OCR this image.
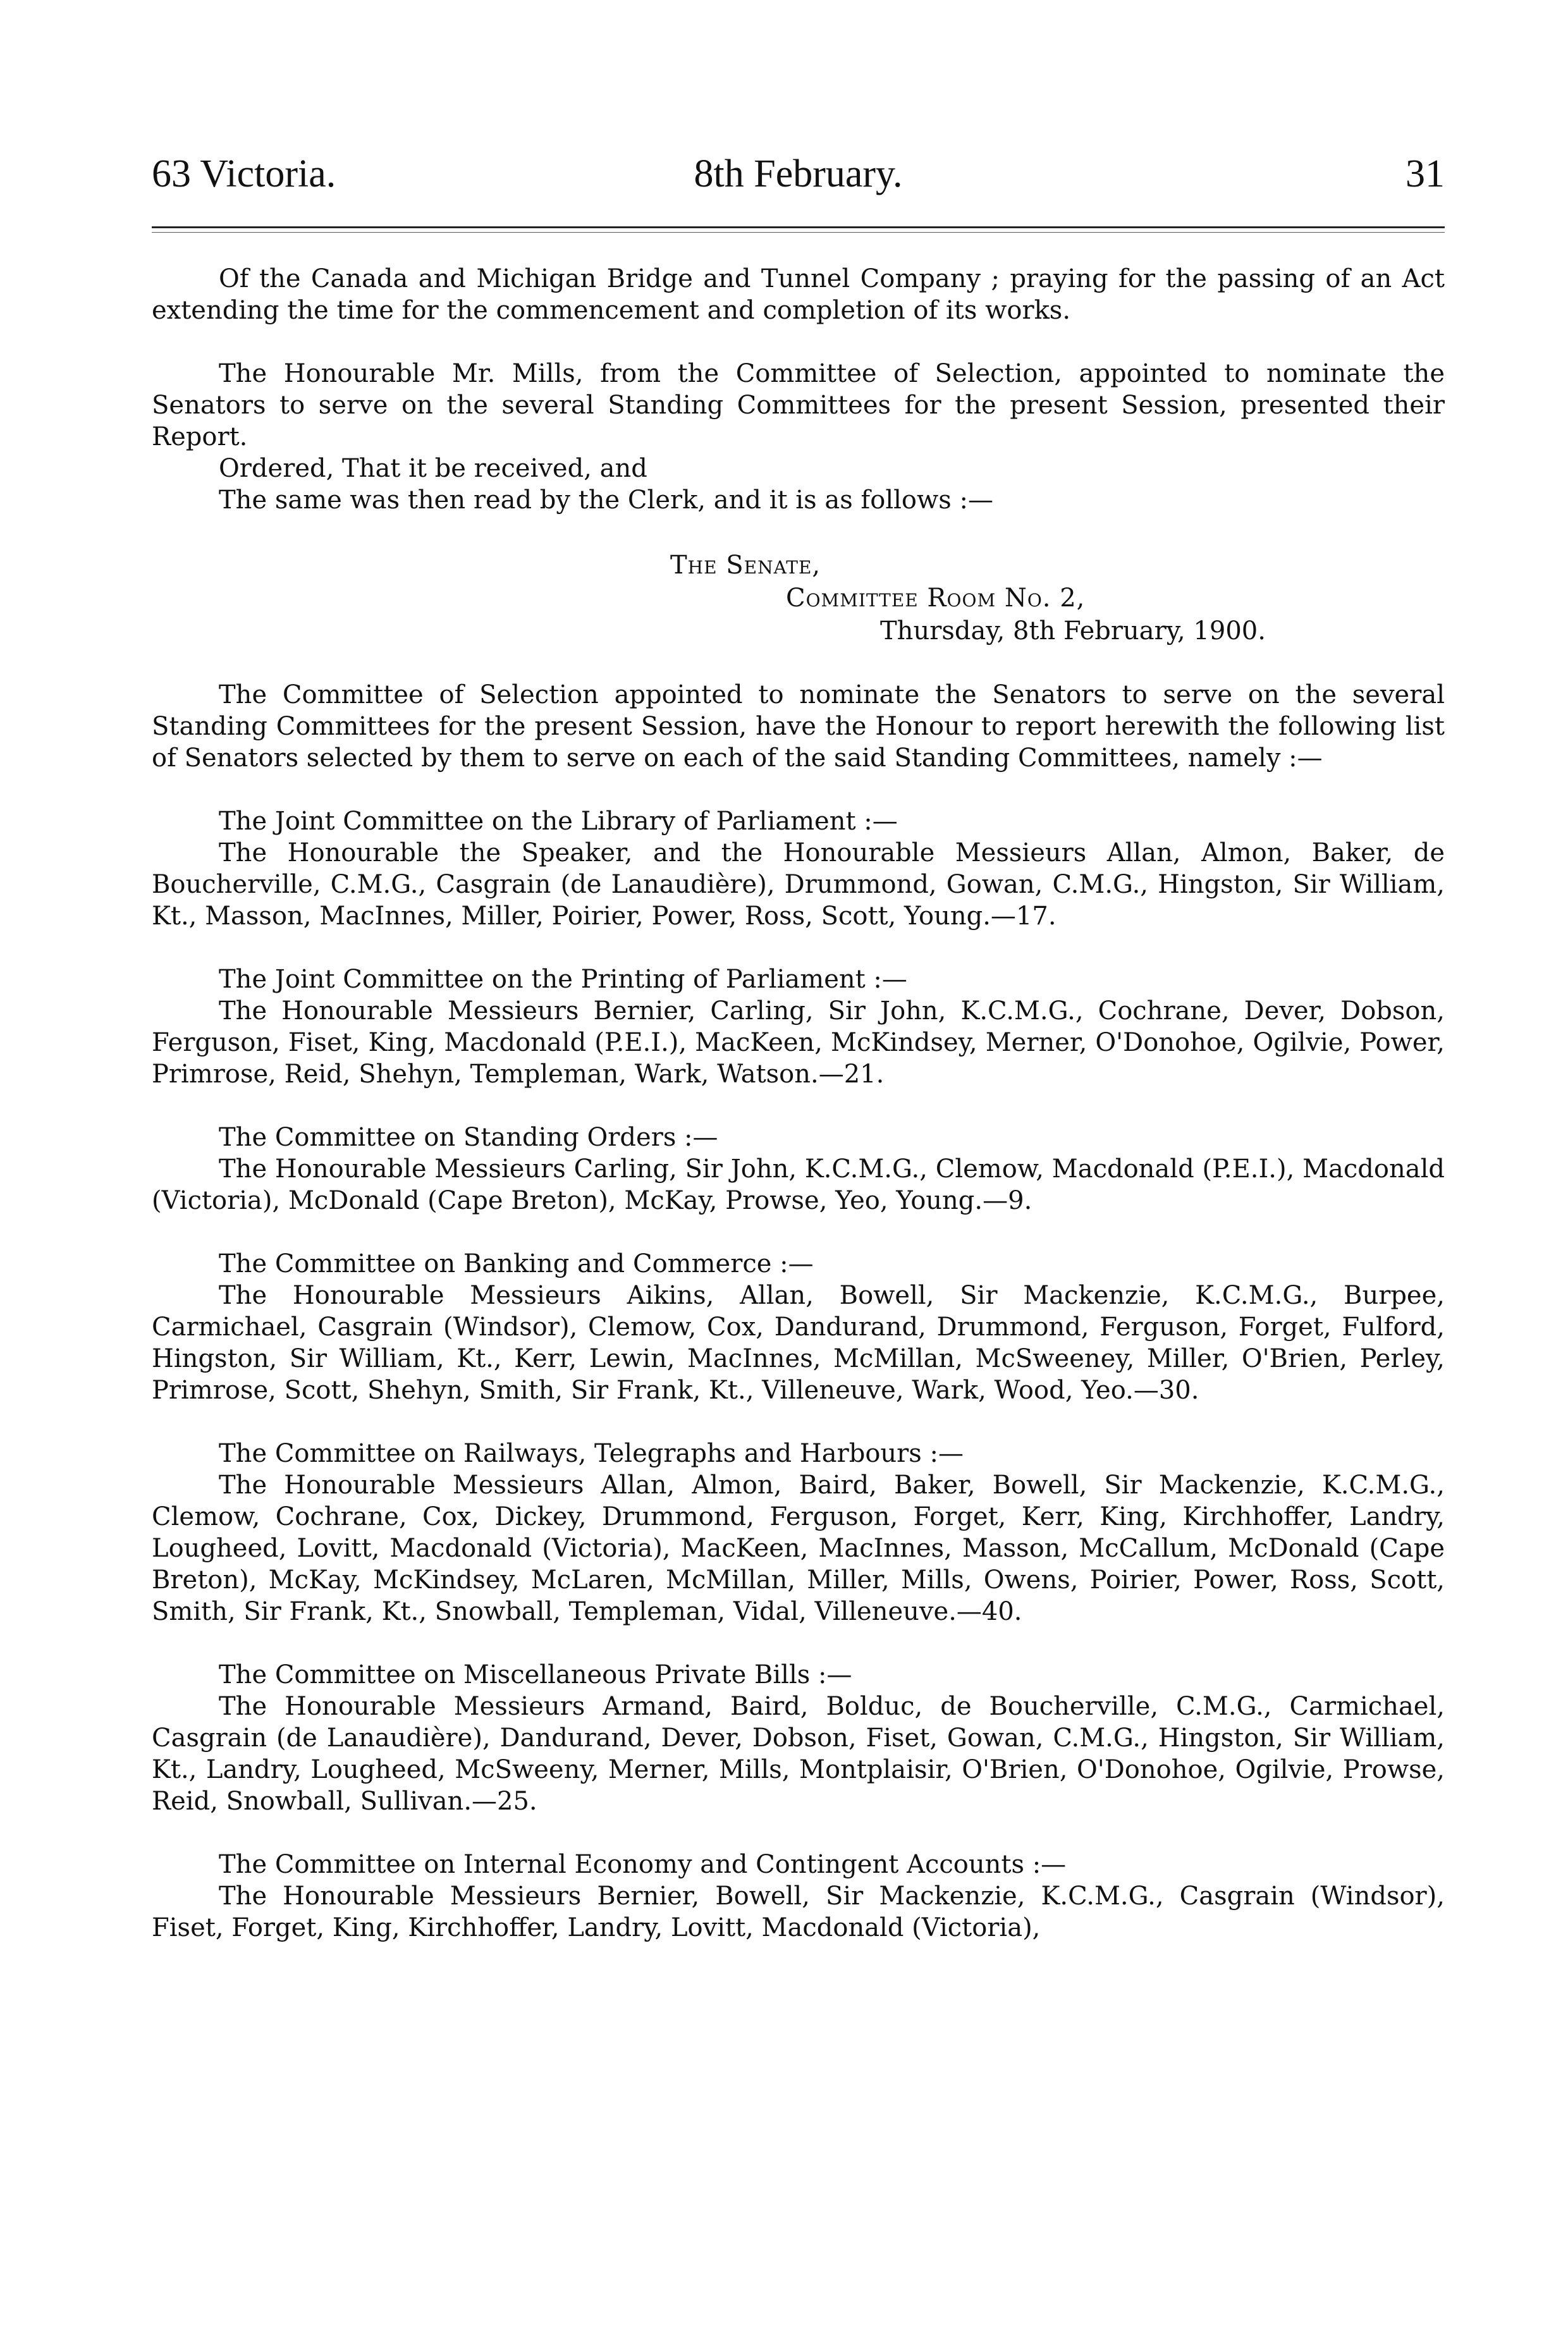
63 Victoria.	8th February.	31

Of the Canada and Michigan Bridge and Tunnel Company ; praying for the passing of an Act extending the time for the commencement and completion of its works.

The Honourable Mr. Mills, from the Committee of Selection, appointed to nominate the Senators to serve on the several Standing Committees for the present Session, presented their Report.

Ordered, That it be received, and

The same was then read by the Clerk, and it is as follows :—

The Senate,
Committee Room No. 2,
Thursday, 8th February, 1900.

The Committee of Selection appointed to nominate the Senators to serve on the several Standing Committees for the present Session, have the Honour to report herewith the following list of Senators selected by them to serve on each of the said Standing Committees, namely :—

The Joint Committee on the Library of Parliament :—

The Honourable the Speaker, and the Honourable Messieurs Allan, Almon, Baker, de Boucherville, C.M.G., Casgrain (de Lanaudière), Drummond, Gowan, C.M.G., Hingston, Sir William, Kt., Masson, MacInnes, Miller, Poirier, Power, Ross, Scott, Young.—17.

The Joint Committee on the Printing of Parliament :—

The Honourable Messieurs Bernier, Carling, Sir John, K.C.M.G., Cochrane, Dever, Dobson, Ferguson, Fiset, King, Macdonald (P.E.I.), MacKeen, McKindsey, Merner, O'Donohoe, Ogilvie, Power, Primrose, Reid, Shehyn, Templeman, Wark, Watson.—21.

The Committee on Standing Orders :—

The Honourable Messieurs Carling, Sir John, K.C.M.G., Clemow, Macdonald (P.E.I.), Macdonald (Victoria), McDonald (Cape Breton), McKay, Prowse, Yeo, Young.—9.

The Committee on Banking and Commerce :—

The Honourable Messieurs Aikins, Allan, Bowell, Sir Mackenzie, K.C.M.G., Burpee, Carmichael, Casgrain (Windsor), Clemow, Cox, Dandurand, Drummond, Ferguson, Forget, Fulford, Hingston, Sir William, Kt., Kerr, Lewin, MacInnes, McMillan, McSweeney, Miller, O'Brien, Perley, Primrose, Scott, Shehyn, Smith, Sir Frank, Kt., Villeneuve, Wark, Wood, Yeo.—30.

The Committee on Railways, Telegraphs and Harbours :—

The Honourable Messieurs Allan, Almon, Baird, Baker, Bowell, Sir Mackenzie, K.C.M.G., Clemow, Cochrane, Cox, Dickey, Drummond, Ferguson, Forget, Kerr, King, Kirchhoffer, Landry, Lougheed, Lovitt, Macdonald (Victoria), MacKeen, MacInnes, Masson, McCallum, McDonald (Cape Breton), McKay, McKindsey, McLaren, McMillan, Miller, Mills, Owens, Poirier, Power, Ross, Scott, Smith, Sir Frank, Kt., Snowball, Templeman, Vidal, Villeneuve.—40.

The Committee on Miscellaneous Private Bills :—

The Honourable Messieurs Armand, Baird, Bolduc, de Boucherville, C.M.G., Carmichael, Casgrain (de Lanaudière), Dandurand, Dever, Dobson, Fiset, Gowan, C.M.G., Hingston, Sir William, Kt., Landry, Lougheed, McSweeny, Merner, Mills, Montplaisir, O'Brien, O'Donohoe, Ogilvie, Prowse, Reid, Snowball, Sullivan.—25.

The Committee on Internal Economy and Contingent Accounts :—

The Honourable Messieurs Bernier, Bowell, Sir Mackenzie, K.C.M.G., Casgrain (Windsor), Fiset, Forget, King, Kirchhoffer, Landry, Lovitt, Macdonald (Victoria),
